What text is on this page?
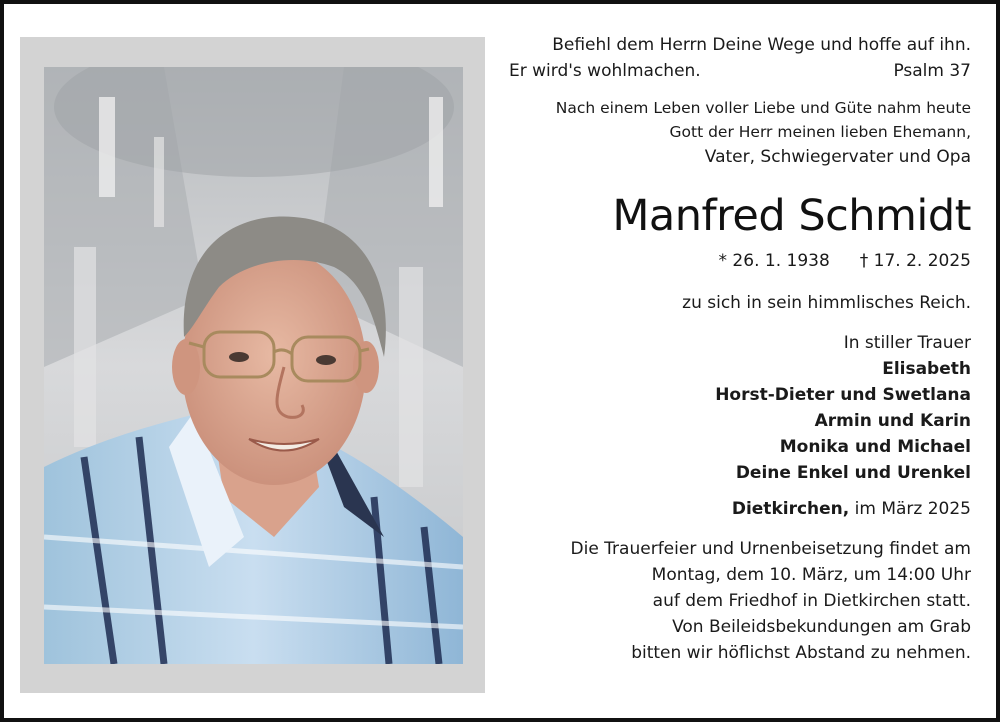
Befiehl dem Herrn Deine Wege und hoffe auf ihn.
Er wird's wohlmachen.	Psalm 37
Nach einem Leben voller Liebe und Güte nahm heute
Gott der Herr meinen lieben Ehemann,
Vater, Schwiegervater und Opa
Manfred Schmidt
* 26. 1. 1938 † 17. 2. 2025
zu sich in sein himmlisches Reich.
In stiller Trauer
Elisabeth
Horst-Dieter und Swetlana
Armin und Karin
Monika und Michael
Deine Enkel und Urenkel
Dietkirchen, im März 2025
Die Trauerfeier und Urnenbeisetzung findet am
Montag, dem 10. März, um 14:00 Uhr
auf dem Friedhof in Dietkirchen statt.
Von Beileidsbekundungen am Grab
bitten wir höflichst Abstand zu nehmen.
